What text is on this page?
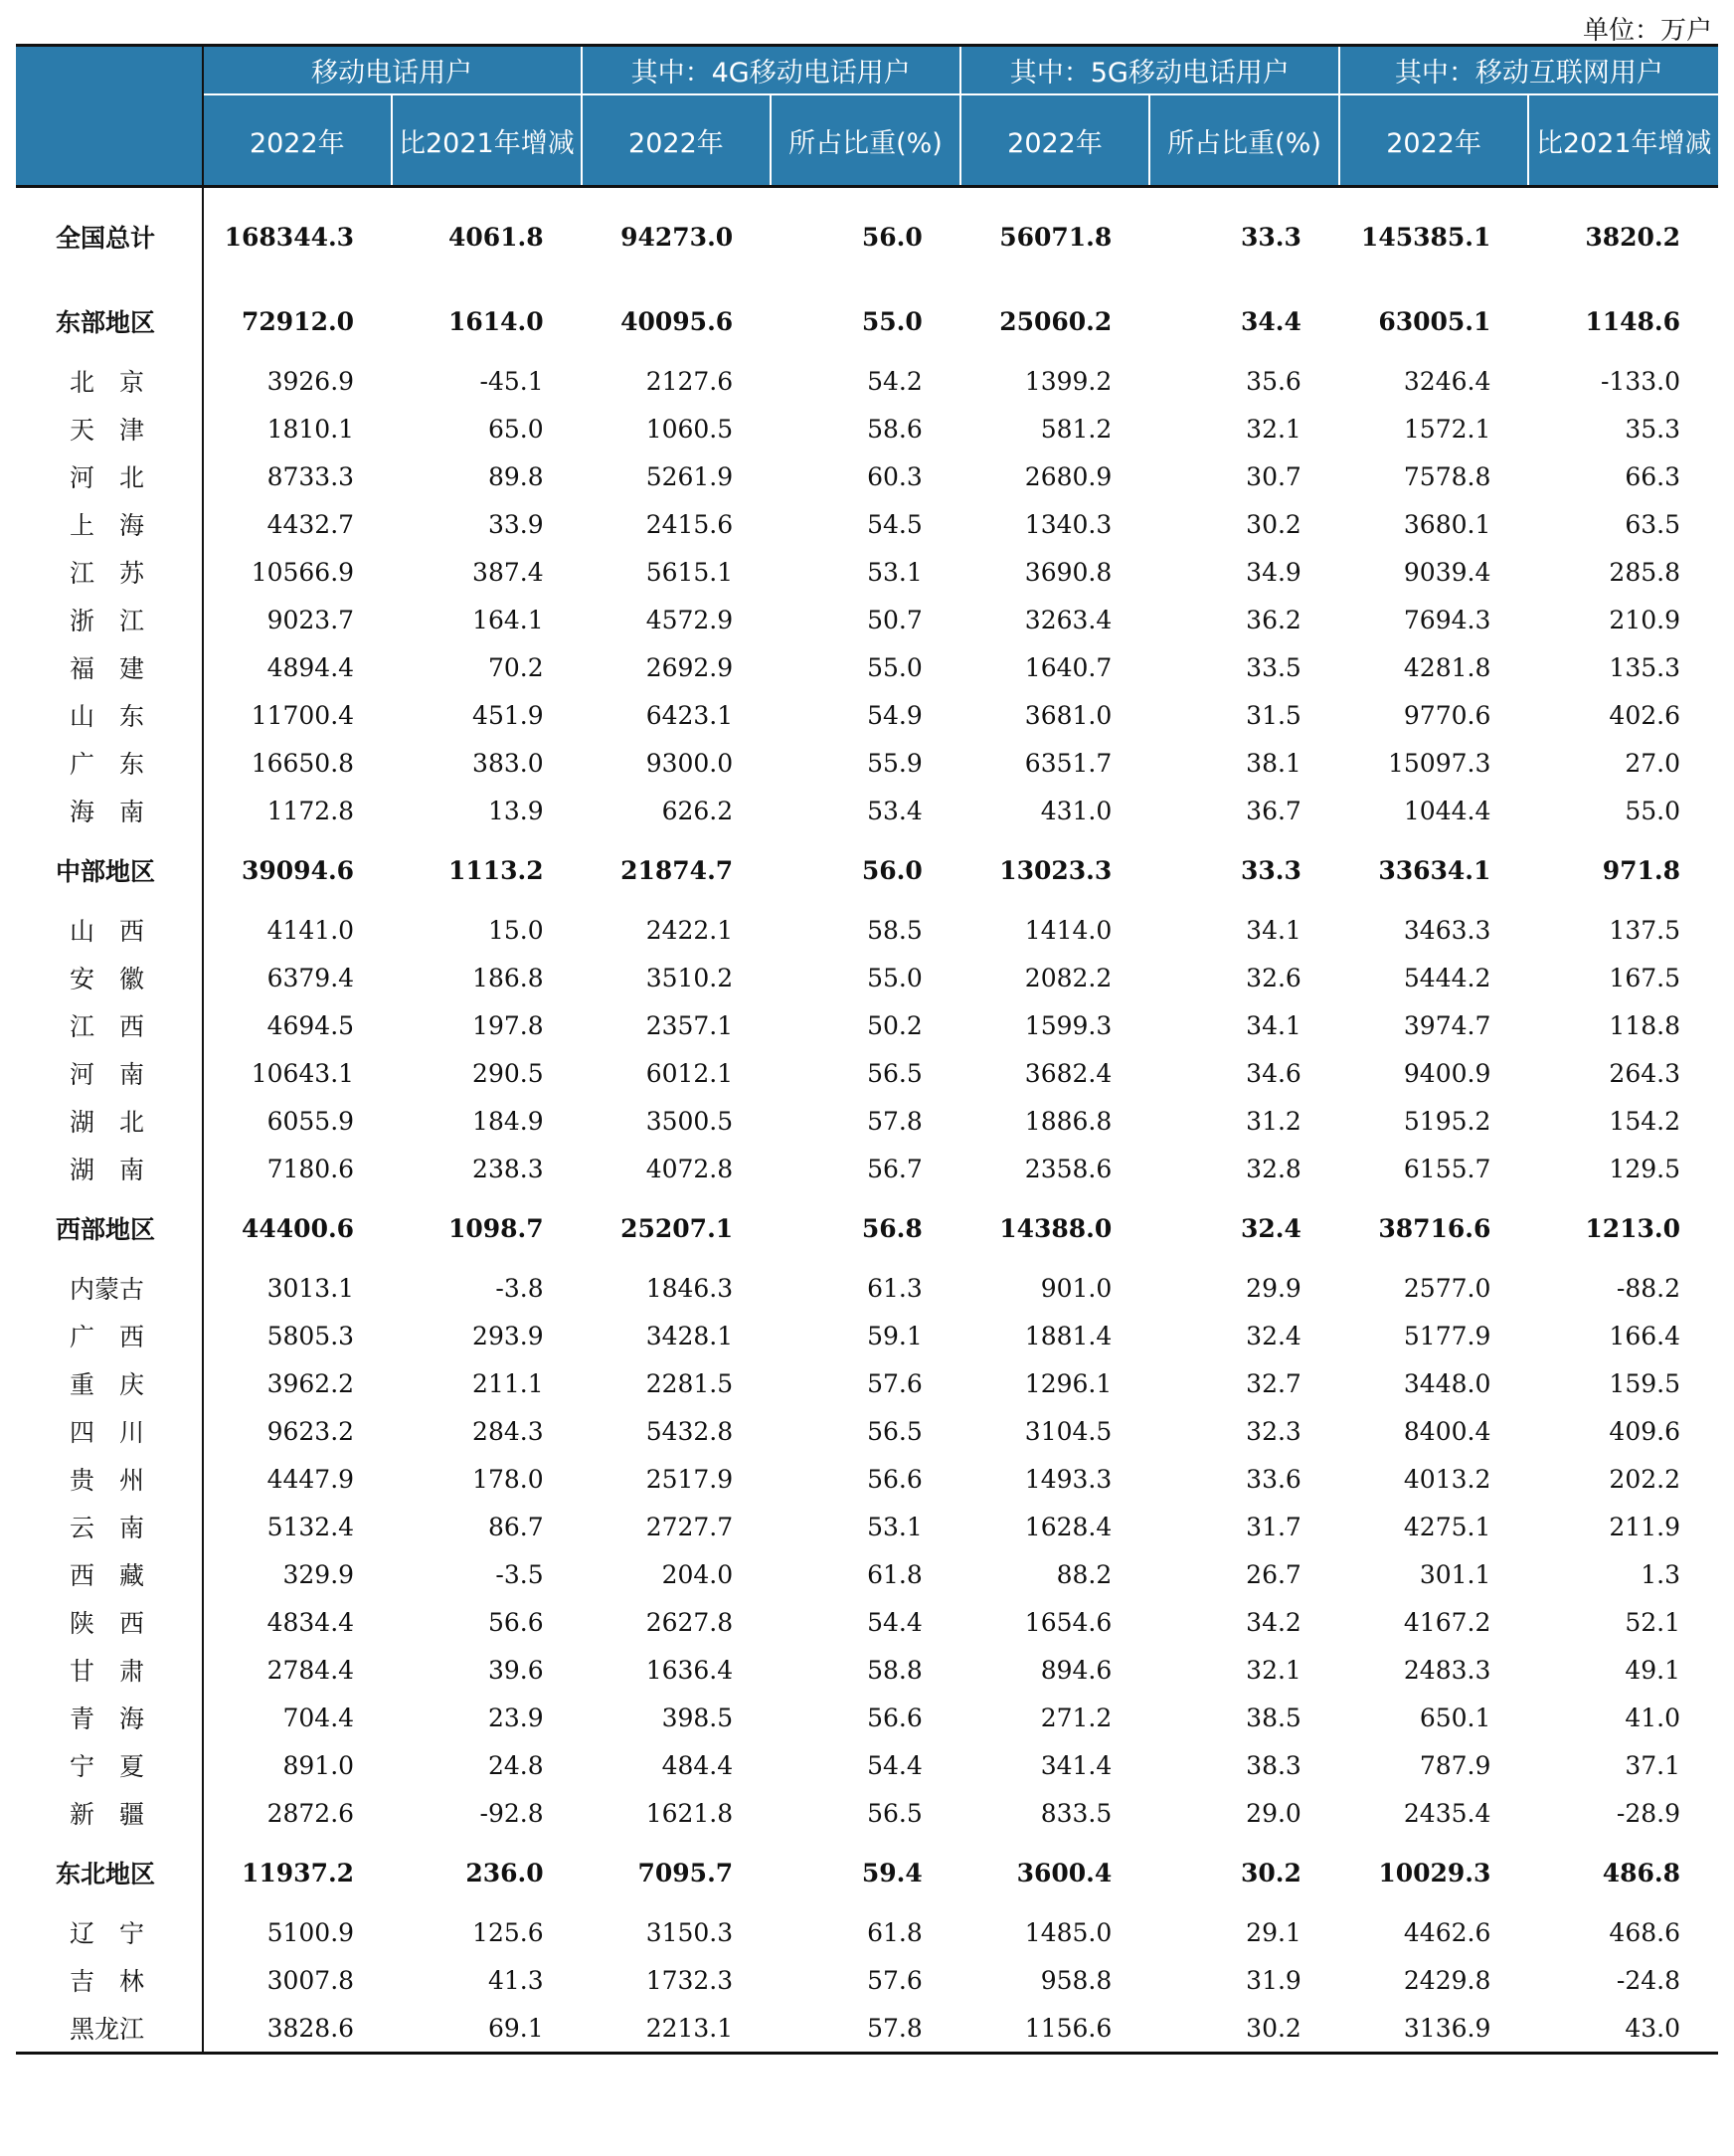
单位：万户
	移动电话用户		其中：4G移动电话用户		其中：5G移动电话用户		其中：移动互联网用户	
	2022年	比2021年增减	2022年	所占比重(%)	2022年	所占比重(%)	2022年	比2021年增减
全国总计	168344.3	4061.8	94273.0	56.0	56071.8	33.3	145385.1	3820.2
东部地区	72912.0	1614.0	40095.6	55.0	25060.2	34.4	63005.1	1148.6
北　京	3926.9	-45.1	2127.6	54.2	1399.2	35.6	3246.4	-133.0
天　津	1810.1	65.0	1060.5	58.6	581.2	32.1	1572.1	35.3
河　北	8733.3	89.8	5261.9	60.3	2680.9	30.7	7578.8	66.3
上　海	4432.7	33.9	2415.6	54.5	1340.3	30.2	3680.1	63.5
江　苏	10566.9	387.4	5615.1	53.1	3690.8	34.9	9039.4	285.8
浙　江	9023.7	164.1	4572.9	50.7	3263.4	36.2	7694.3	210.9
福　建	4894.4	70.2	2692.9	55.0	1640.7	33.5	4281.8	135.3
山　东	11700.4	451.9	6423.1	54.9	3681.0	31.5	9770.6	402.6
广　东	16650.8	383.0	9300.0	55.9	6351.7	38.1	15097.3	27.0
海　南	1172.8	13.9	626.2	53.4	431.0	36.7	1044.4	55.0
中部地区	39094.6	1113.2	21874.7	56.0	13023.3	33.3	33634.1	971.8
山　西	4141.0	15.0	2422.1	58.5	1414.0	34.1	3463.3	137.5
安　徽	6379.4	186.8	3510.2	55.0	2082.2	32.6	5444.2	167.5
江　西	4694.5	197.8	2357.1	50.2	1599.3	34.1	3974.7	118.8
河　南	10643.1	290.5	6012.1	56.5	3682.4	34.6	9400.9	264.3
湖　北	6055.9	184.9	3500.5	57.8	1886.8	31.2	5195.2	154.2
湖　南	7180.6	238.3	4072.8	56.7	2358.6	32.8	6155.7	129.5
西部地区	44400.6	1098.7	25207.1	56.8	14388.0	32.4	38716.6	1213.0
内蒙古	3013.1	-3.8	1846.3	61.3	901.0	29.9	2577.0	-88.2
广　西	5805.3	293.9	3428.1	59.1	1881.4	32.4	5177.9	166.4
重　庆	3962.2	211.1	2281.5	57.6	1296.1	32.7	3448.0	159.5
四　川	9623.2	284.3	5432.8	56.5	3104.5	32.3	8400.4	409.6
贵　州	4447.9	178.0	2517.9	56.6	1493.3	33.6	4013.2	202.2
云　南	5132.4	86.7	2727.7	53.1	1628.4	31.7	4275.1	211.9
西　藏	329.9	-3.5	204.0	61.8	88.2	26.7	301.1	1.3
陕　西	4834.4	56.6	2627.8	54.4	1654.6	34.2	4167.2	52.1
甘　肃	2784.4	39.6	1636.4	58.8	894.6	32.1	2483.3	49.1
青　海	704.4	23.9	398.5	56.6	271.2	38.5	650.1	41.0
宁　夏	891.0	24.8	484.4	54.4	341.4	38.3	787.9	37.1
新　疆	2872.6	-92.8	1621.8	56.5	833.5	29.0	2435.4	-28.9
东北地区	11937.2	236.0	7095.7	59.4	3600.4	30.2	10029.3	486.8
辽　宁	5100.9	125.6	3150.3	61.8	1485.0	29.1	4462.6	468.6
吉　林	3007.8	41.3	1732.3	57.6	958.8	31.9	2429.8	-24.8
黑龙江	3828.6	69.1	2213.1	57.8	1156.6	30.2	3136.9	43.0
